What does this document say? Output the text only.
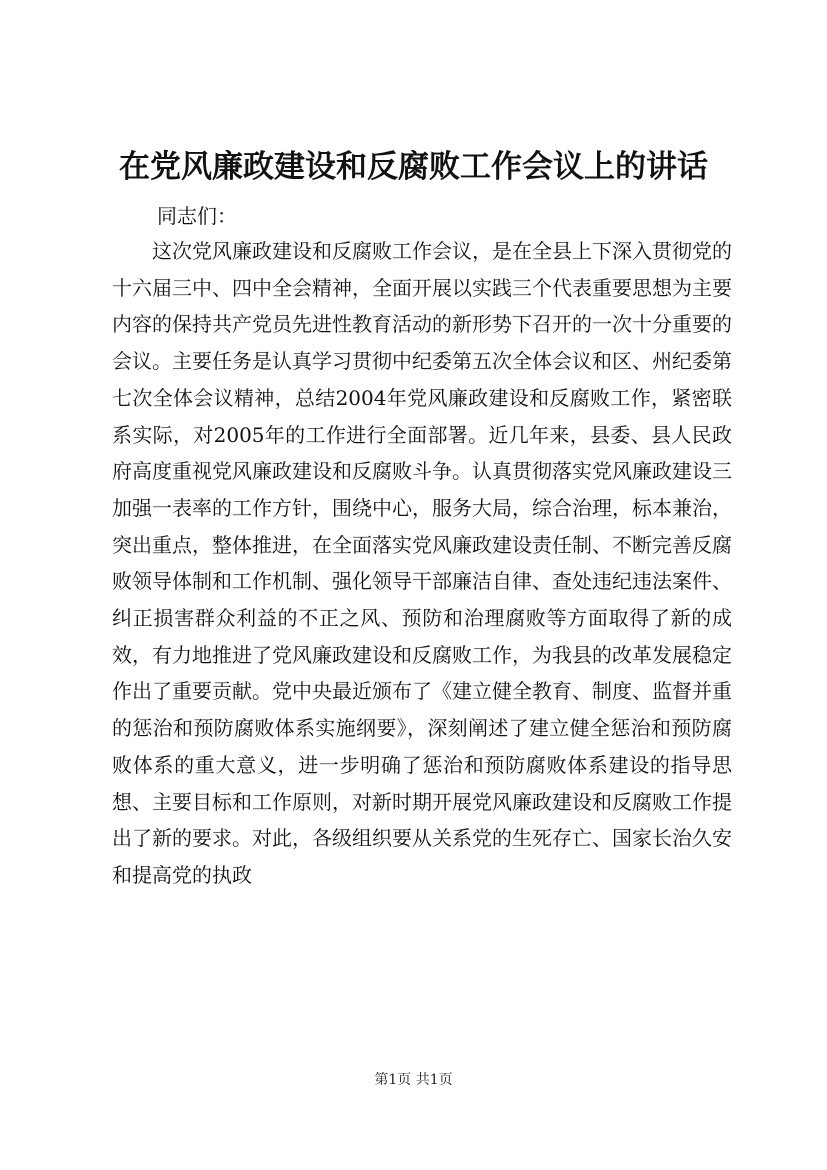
在党风廉政建设和反腐败工作会议上的讲话
同志们：

这次党风廉政建设和反腐败工作会议，是在全县上下深入贯彻党的十六届三中、四中全会精神，全面开展以实践三个代表重要思想为主要内容的保持共产党员先进性教育活动的新形势下召开的一次十分重要的会议。主要任务是认真学习贯彻中纪委第五次全体会议和区、州纪委第七次全体会议精神，总结2004年党风廉政建设和反腐败工作，紧密联系实际，对2005年的工作进行全面部署。近几年来，县委、县人民政府高度重视党风廉政建设和反腐败斗争。认真贯彻落实党风廉政建设三加强一表率的工作方针，围绕中心，服务大局，综合治理，标本兼治，突出重点，整体推进，在全面落实党风廉政建设责任制、不断完善反腐败领导体制和工作机制、强化领导干部廉洁自律、查处违纪违法案件、纠正损害群众利益的不正之风、预防和治理腐败等方面取得了新的成效，有力地推进了党风廉政建设和反腐败工作，为我县的改革发展稳定作出了重要贡献。党中央最近颁布了《建立健全教育、制度、监督并重的惩治和预防腐败体系实施纲要》，深刻阐述了建立健全惩治和预防腐败体系的重大意义，进一步明确了惩治和预防腐败体系建设的指导思想、主要目标和工作原则，对新时期开展党风廉政建设和反腐败工作提出了新的要求。对此，各级组织要从关系党的生死存亡、国家长治久安和提高党的执政

第1页 共1页
